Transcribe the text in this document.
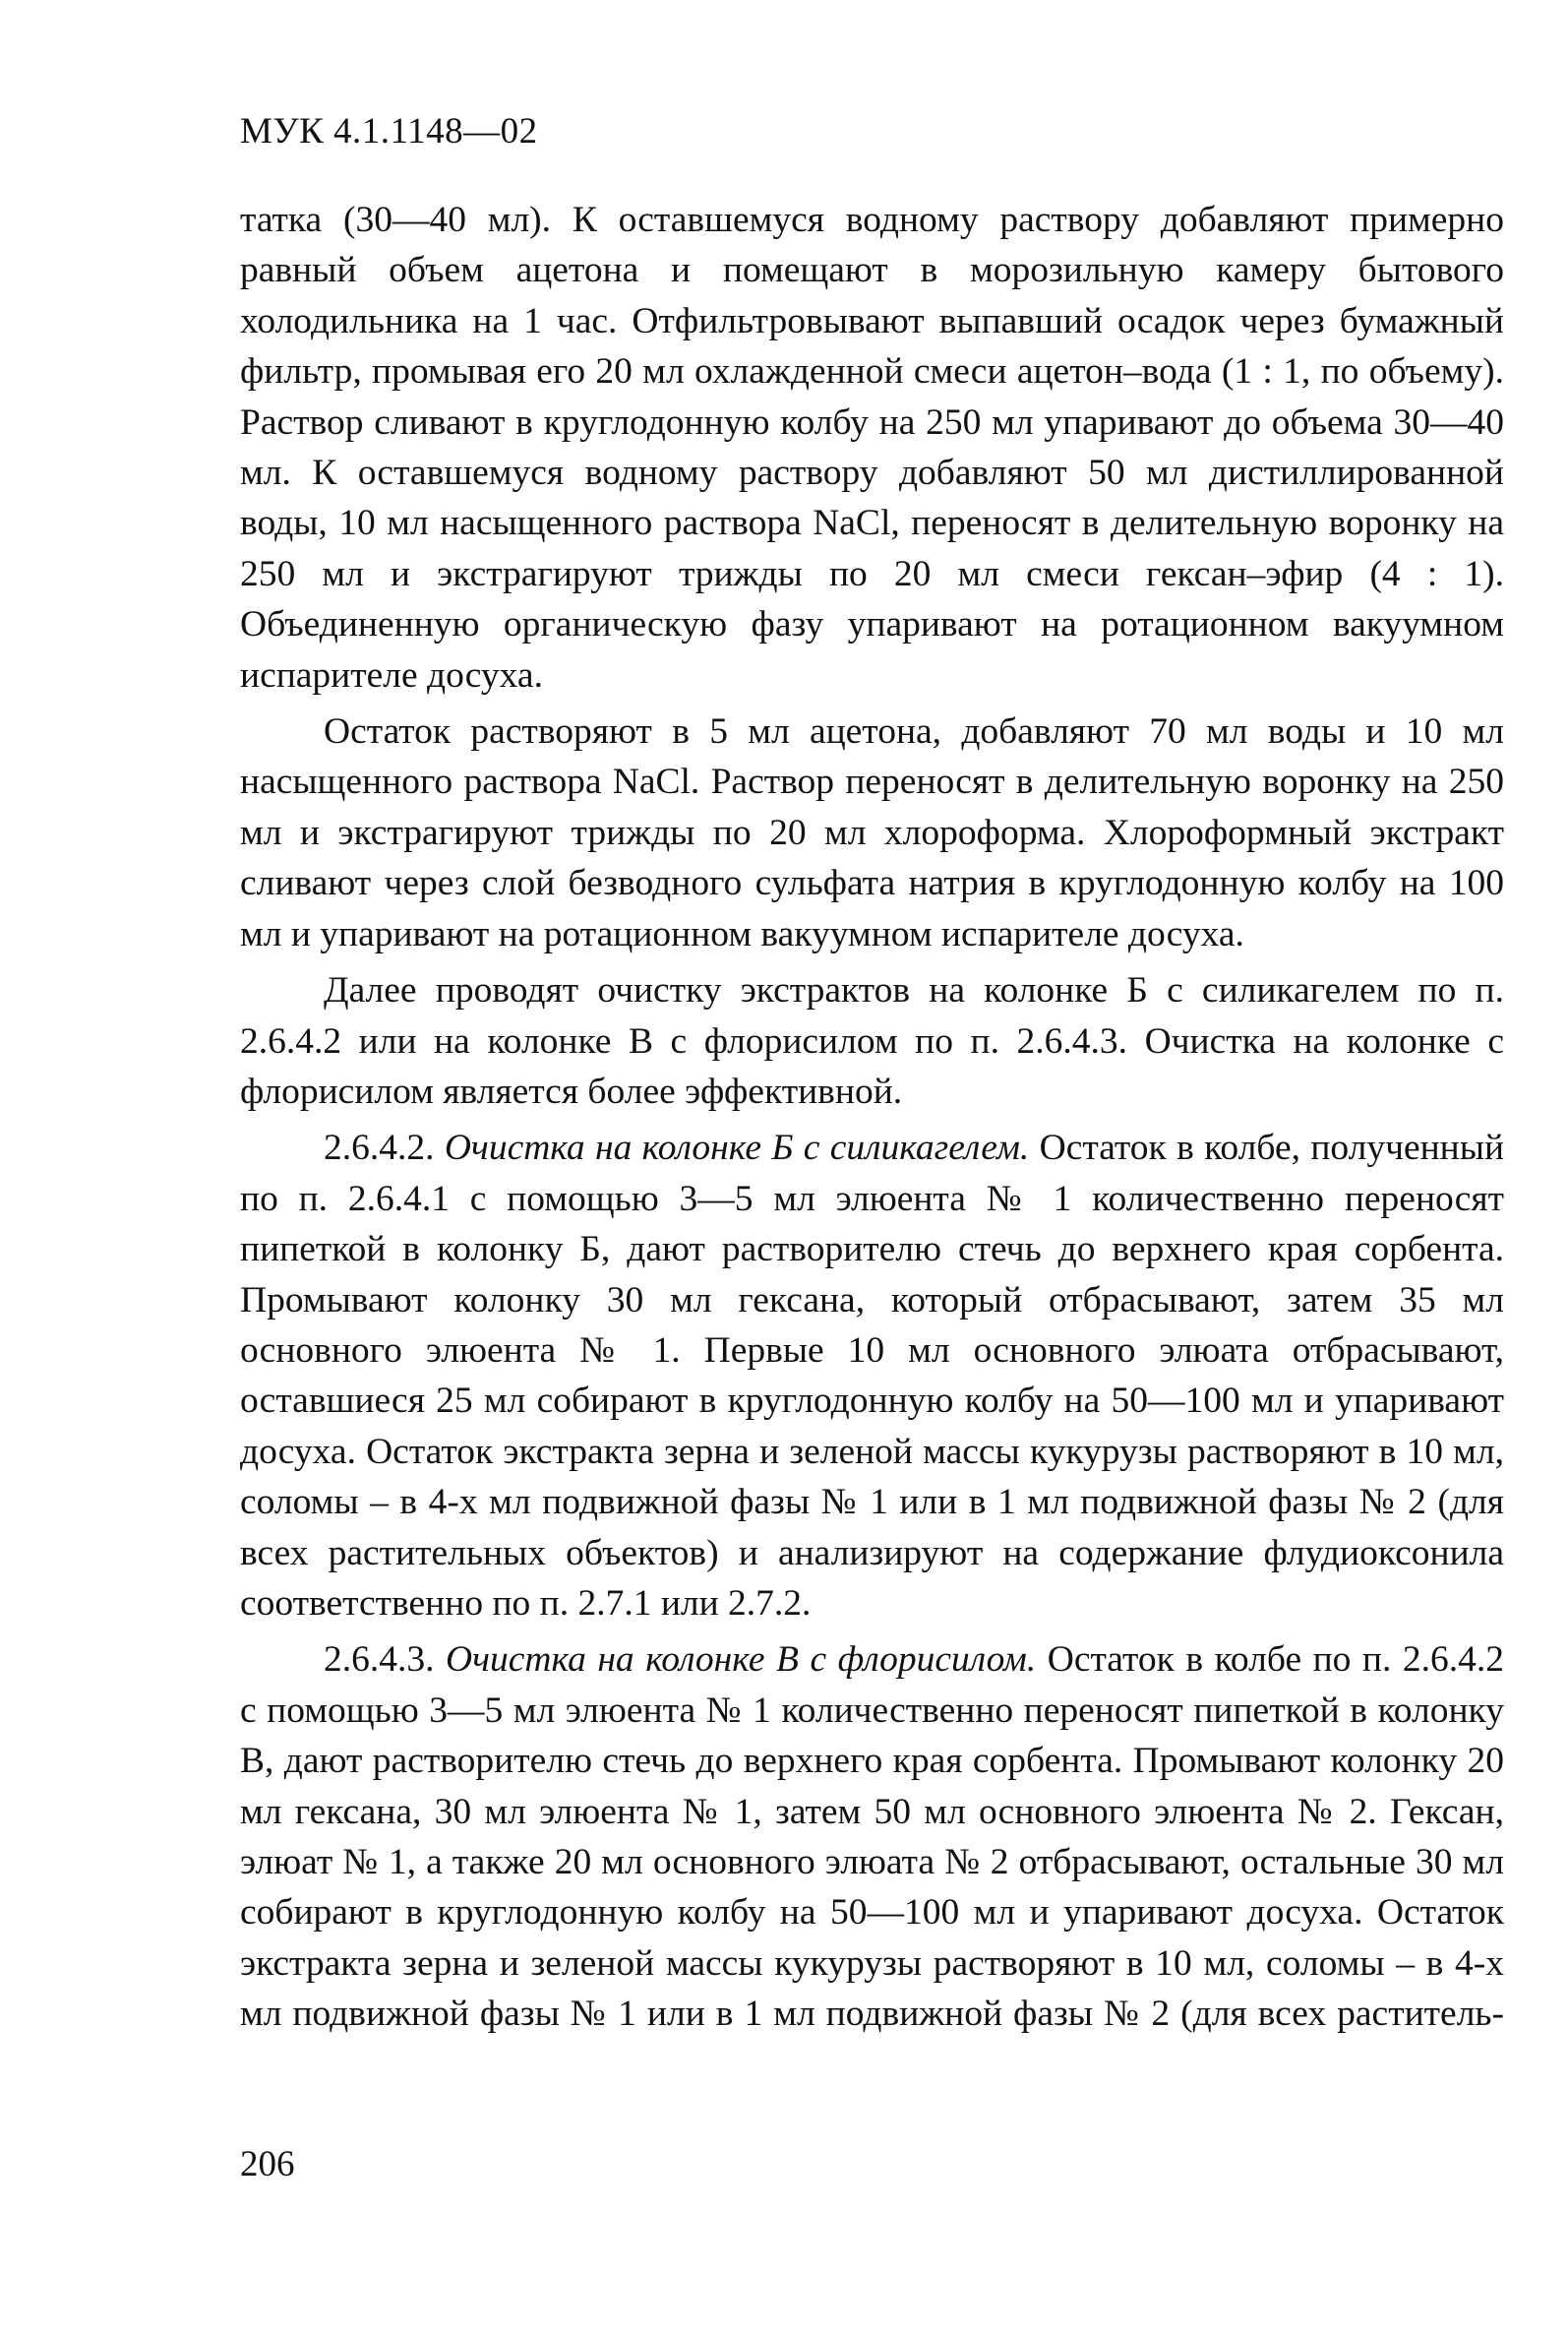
МУК 4.1.1148—02

татка (30—40 мл). К оставшемуся водному раствору добавляют примерно равный объем ацетона и помещают в морозильную камеру бытового холодильника на 1 час. Отфильтровывают выпавший осадок через бумажный фильтр, промывая его 20 мл охлажденной смеси ацетон–вода (1 : 1, по объему). Раствор сливают в круглодонную колбу на 250 мл упаривают до объема 30—40 мл. К оставшемуся водному раствору добавляют 50 мл дистиллированной воды, 10 мл насыщенного раствора NaCl, переносят в делительную воронку на 250 мл и экстрагируют трижды по 20 мл смеси гексан–эфир (4 : 1). Объединенную органическую фазу упаривают на ротационном вакуумном испарителе досуха.

Остаток растворяют в 5 мл ацетона, добавляют 70 мл воды и 10 мл насыщенного раствора NaCl. Раствор переносят в делительную воронку на 250 мл и экстрагируют трижды по 20 мл хлороформа. Хлороформный экстракт сливают через слой безводного сульфата натрия в круглодонную колбу на 100 мл и упаривают на ротационном вакуумном испарителе досуха.

Далее проводят очистку экстрактов на колонке Б с силикагелем по п. 2.6.4.2 или на колонке В с флорисилом по п. 2.6.4.3. Очистка на колонке с флорисилом является более эффективной.

2.6.4.2. Очистка на колонке Б с силикагелем. Остаток в колбе, полученный по п. 2.6.4.1 с помощью 3—5 мл элюента № 1 количественно переносят пипеткой в колонку Б, дают растворителю стечь до верхнего края сорбента. Промывают колонку 30 мл гексана, который отбрасывают, затем 35 мл основного элюента № 1. Первые 10 мл основного элюата отбрасывают, оставшиеся 25 мл собирают в круглодонную колбу на 50—100 мл и упаривают досуха. Остаток экстракта зерна и зеленой массы кукурузы растворяют в 10 мл, соломы – в 4-х мл подвижной фазы № 1 или в 1 мл подвижной фазы № 2 (для всех растительных объектов) и анализируют на содержание флудиоксонила соответственно по п. 2.7.1 или 2.7.2.

2.6.4.3. Очистка на колонке В с флорисилом. Остаток в колбе по п. 2.6.4.2 с помощью 3—5 мл элюента № 1 количественно переносят пипеткой в колонку В, дают растворителю стечь до верхнего края сорбента. Промывают колонку 20 мл гексана, 30 мл элюента № 1, затем 50 мл основного элюента № 2. Гексан, элюат № 1, а также 20 мл основного элюата № 2 отбрасывают, остальные 30 мл собирают в круглодонную колбу на 50—100 мл и упаривают досуха. Остаток экстракта зерна и зеленой массы кукурузы растворяют в 10 мл, соломы – в 4-х мл подвижной фазы № 1 или в 1 мл подвижной фазы № 2 (для всех раститель-

206
